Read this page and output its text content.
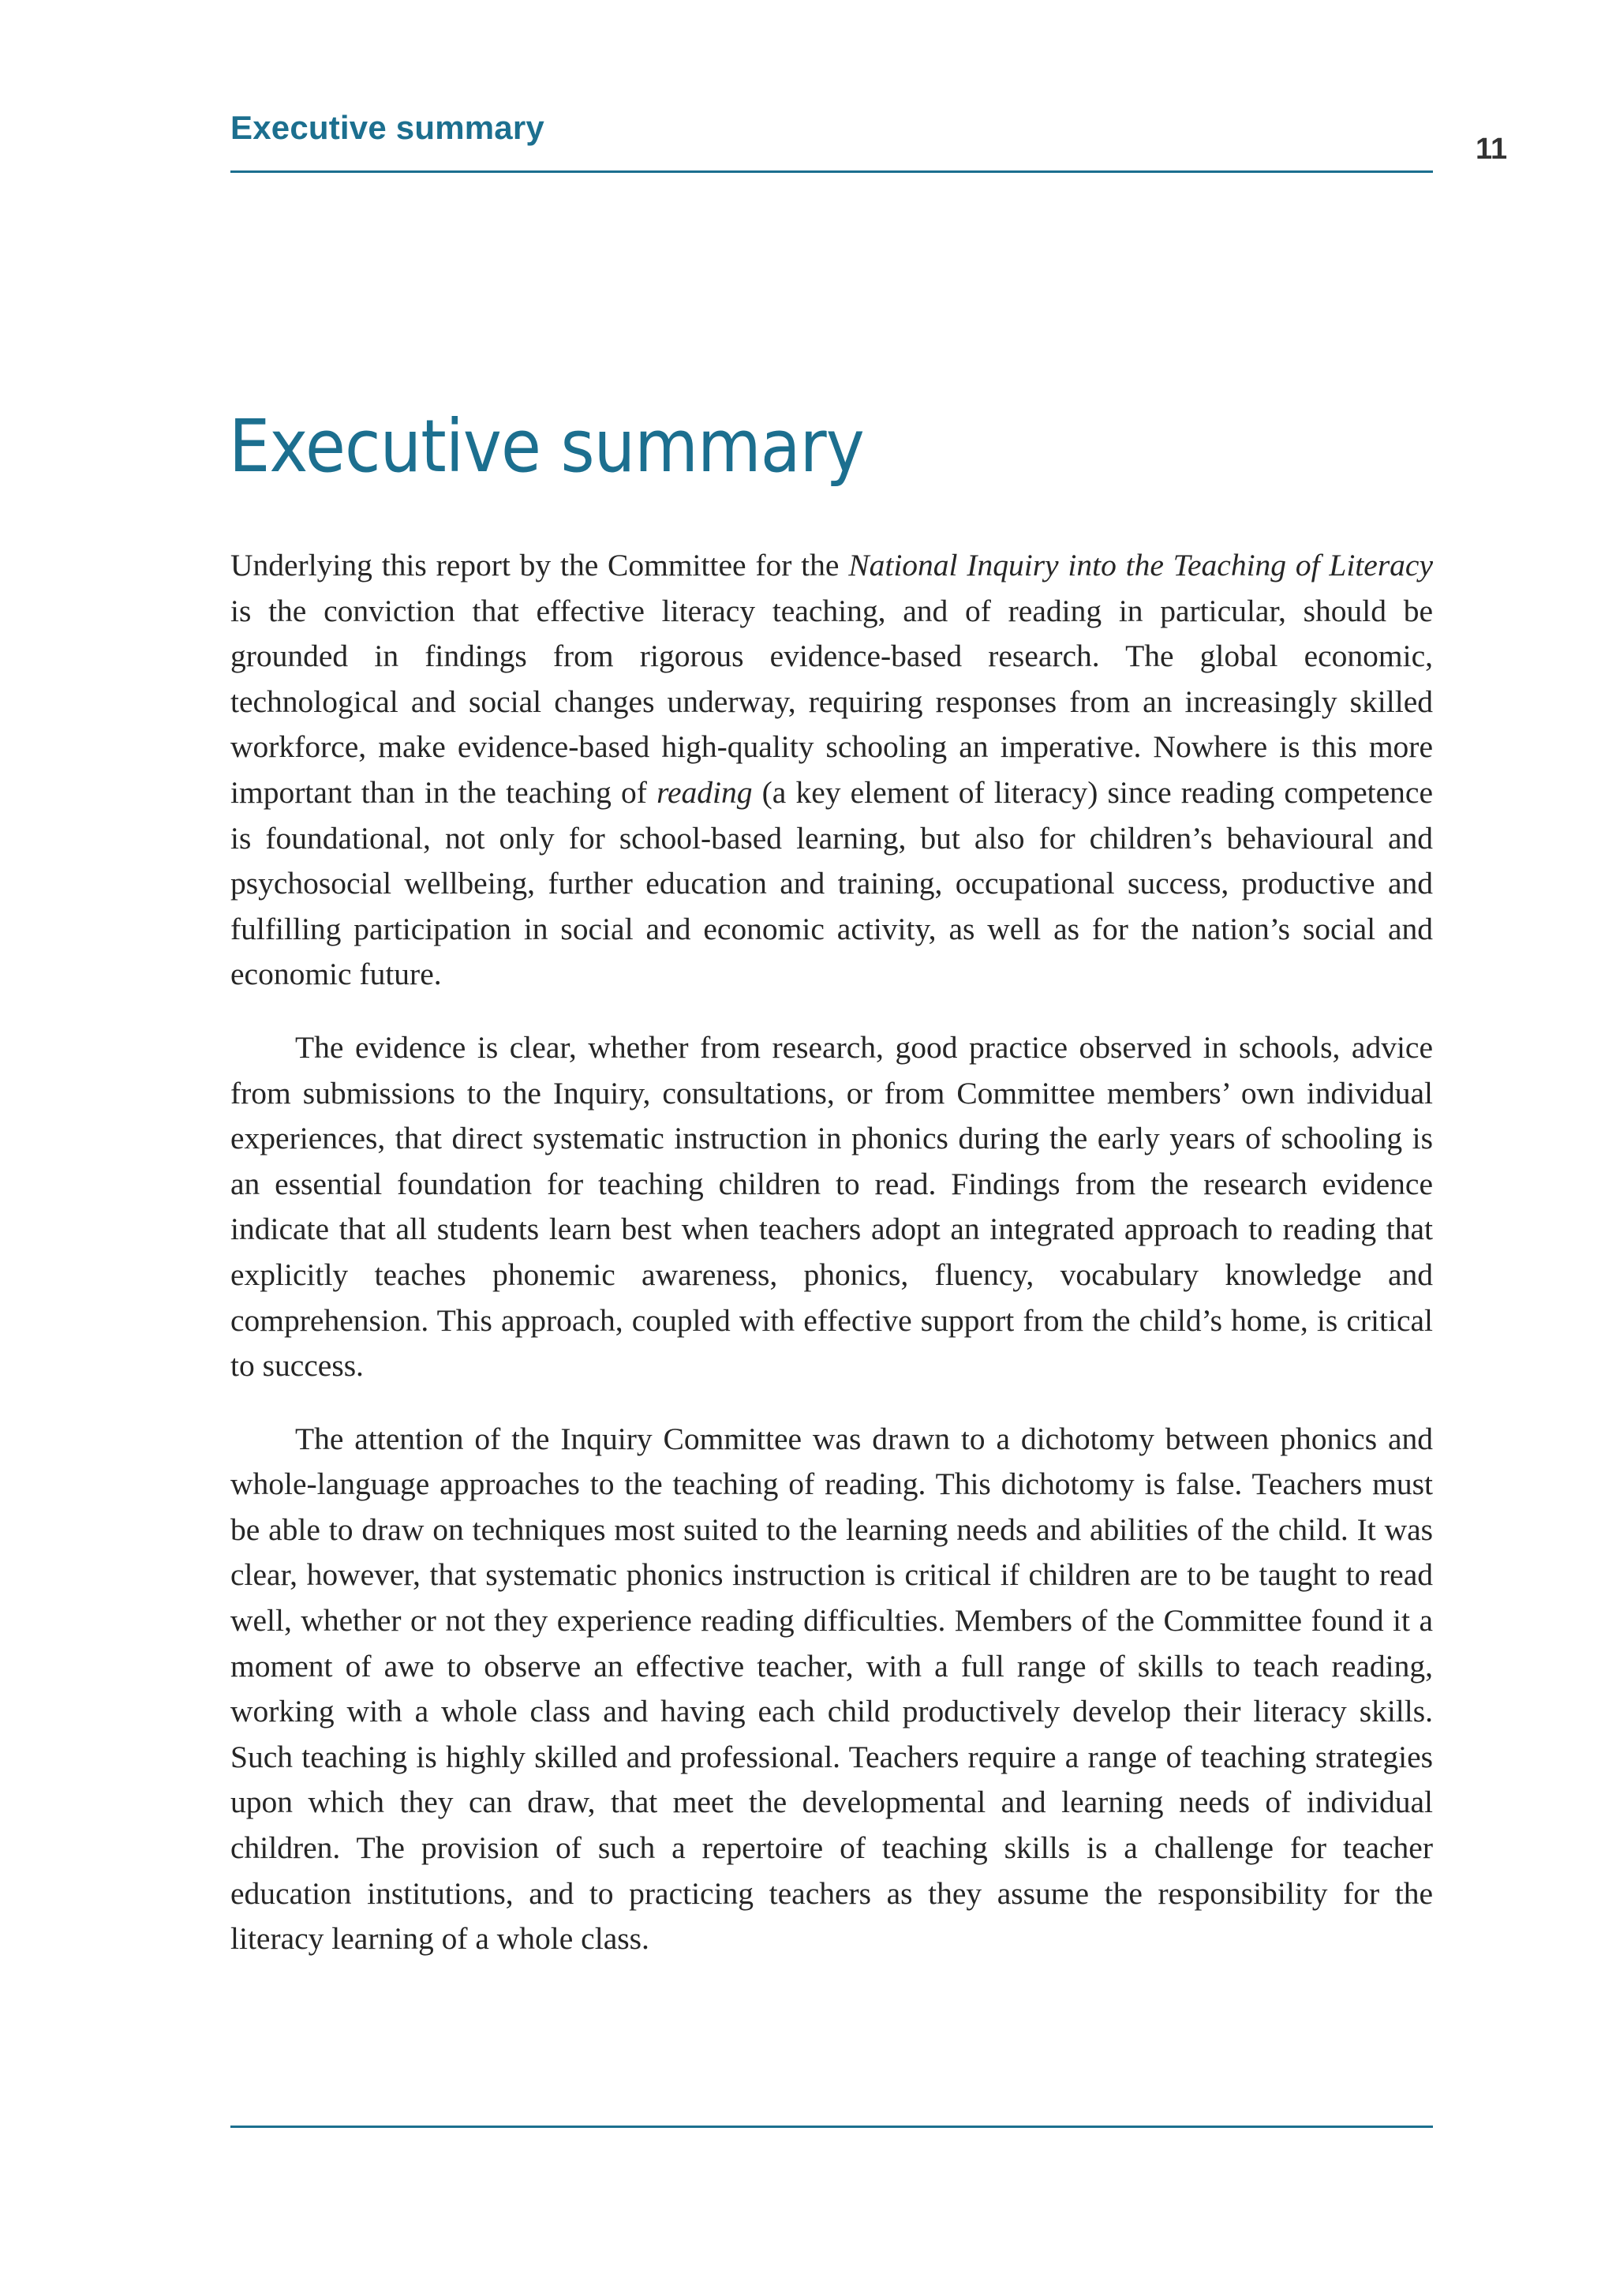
Executive summary
11
Executive summary

Underlying this report by the Committee for the National Inquiry into the Teaching of Literacy is the conviction that effective literacy teaching, and of reading in particular, should be grounded in findings from rigorous evidence-based research. The global economic, technological and social changes underway, requiring responses from an increasingly skilled workforce, make evidence-based high-quality schooling an imperative. Nowhere is this more important than in the teaching of reading (a key element of literacy) since reading competence is foundational, not only for school-based learning, but also for children’s behavioural and psychosocial wellbeing, further education and training, occupational success, productive and fulfilling participation in social and economic activity, as well as for the nation’s social and economic future.

The evidence is clear, whether from research, good practice observed in schools, advice from submissions to the Inquiry, consultations, or from Committee members’ own individual experiences, that direct systematic instruction in phonics during the early years of schooling is an essential foundation for teaching children to read. Findings from the research evidence indicate that all students learn best when teachers adopt an integrated approach to reading that explicitly teaches phonemic awareness, phonics, fluency, vocabulary knowledge and comprehension. This approach, coupled with effective support from the child’s home, is critical to success.

The attention of the Inquiry Committee was drawn to a dichotomy between phonics and whole-language approaches to the teaching of reading. This dichotomy is false. Teachers must be able to draw on techniques most suited to the learning needs and abilities of the child. It was clear, however, that systematic phonics instruction is critical if children are to be taught to read well, whether or not they experience reading difficulties. Members of the Committee found it a moment of awe to observe an effective teacher, with a full range of skills to teach reading, working with a whole class and having each child productively develop their literacy skills. Such teaching is highly skilled and professional. Teachers require a range of teaching strategies upon which they can draw, that meet the developmental and learning needs of individual children. The provision of such a repertoire of teaching skills is a challenge for teacher education institutions, and to practicing teachers as they assume the responsibility for the literacy learning of a whole class.
